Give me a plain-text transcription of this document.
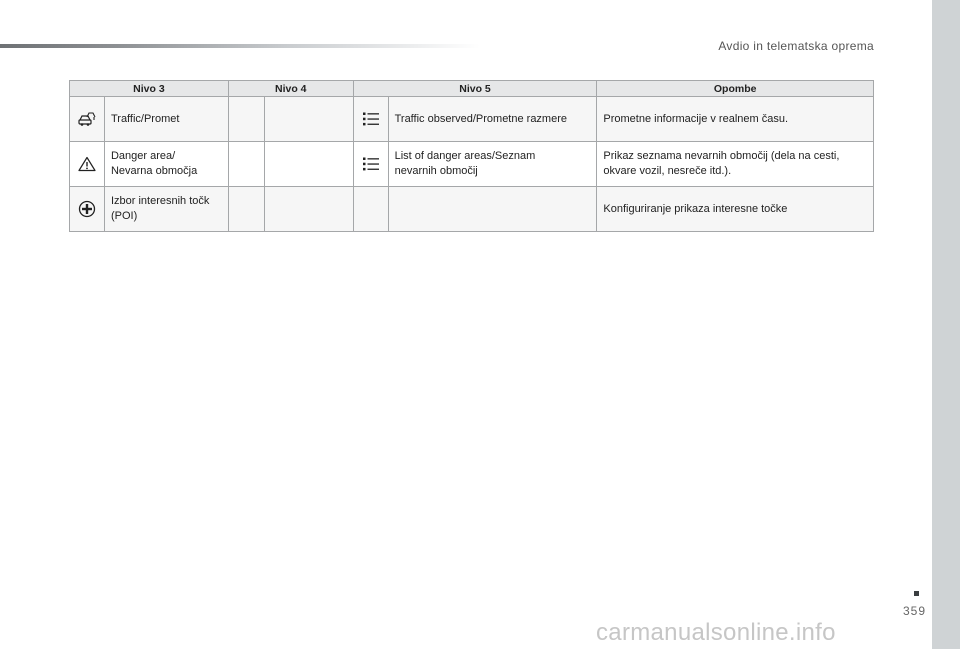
Avdio in telematska oprema
Nivo 3		Nivo 4		Nivo 5		Opombe

	Traffic/Promet				Traffic observed/Prometne razmere	Prometne informacije v realnem času.

	Danger area/
Nevarna območja				List of danger areas/Seznam
nevarnih območij	Prikaz seznama nevarnih območij (dela na cesti,
okvare vozil, nesreče itd.).

	Izbor interesnih točk
(POI)					Konfiguriranje prikaza interesne točke
359
carmanualsonline.info
